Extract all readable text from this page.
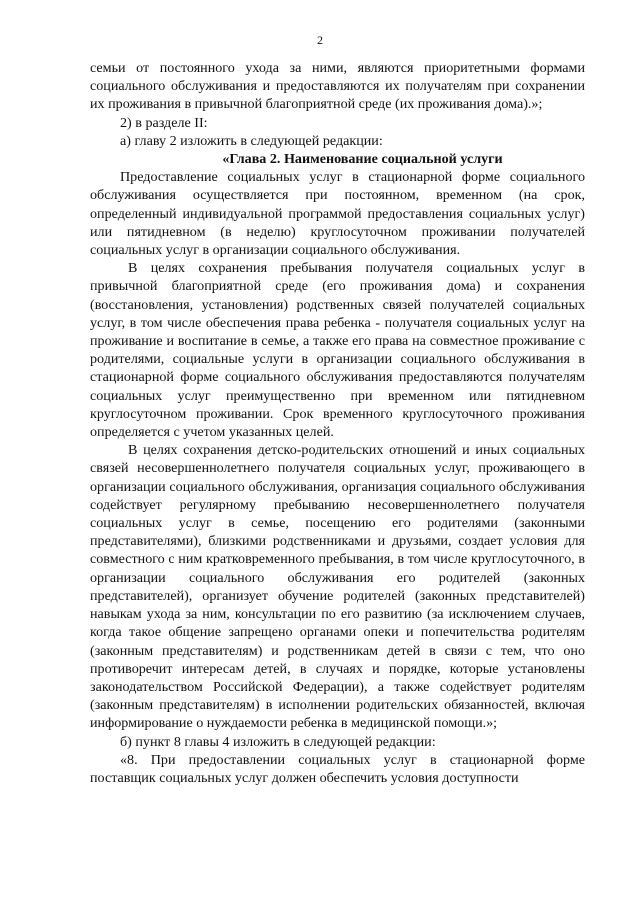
2

семьи от постоянного ухода за ними, являются приоритетными формами социального обслуживания и предоставляются их получателям при сохранении их проживания в привычной благоприятной среде (их проживания дома).»;

2) в разделе II:

а) главу 2 изложить в следующей редакции:

«Глава 2. Наименование социальной услуги

Предоставление социальных услуг в стационарной форме социального обслуживания осуществляется при постоянном, временном (на срок, определенный индивидуальной программой предоставления социальных услуг) или пятидневном (в неделю) круглосуточном проживании получателей социальных услуг в организации социального обслуживания.

В целях сохранения пребывания получателя социальных услуг в привычной благоприятной среде (его проживания дома) и сохранения (восстановления, установления) родственных связей получателей социальных услуг, в том числе обеспечения права ребенка - получателя социальных услуг на проживание и воспитание в семье, а также его права на совместное проживание с родителями, социальные услуги в организации социального обслуживания в стационарной форме социального обслуживания предоставляются получателям социальных услуг преимущественно при временном или пятидневном круглосуточном проживании. Срок временного круглосуточного проживания определяется с учетом указанных целей.

В целях сохранения детско-родительских отношений и иных социальных связей несовершеннолетнего получателя социальных услуг, проживающего в организации социального обслуживания, организация социального обслуживания содействует регулярному пребыванию несовершеннолетнего получателя социальных услуг в семье, посещению его родителями (законными представителями), близкими родственниками и друзьями, создает условия для совместного с ним кратковременного пребывания, в том числе круглосуточного, в организации социального обслуживания его родителей (законных представителей), организует обучение родителей (законных представителей) навыкам ухода за ним, консультации по его развитию (за исключением случаев, когда такое общение запрещено органами опеки и попечительства родителям (законным представителям) и родственникам детей в связи с тем, что оно противоречит интересам детей, в случаях и порядке, которые установлены законодательством Российской Федерации), а также содействует родителям (законным представителям) в исполнении родительских обязанностей, включая информирование о нуждаемости ребенка в медицинской помощи.»;

б) пункт 8 главы 4 изложить в следующей редакции:

«8. При предоставлении социальных услуг в стационарной форме поставщик социальных услуг должен обеспечить условия доступности
